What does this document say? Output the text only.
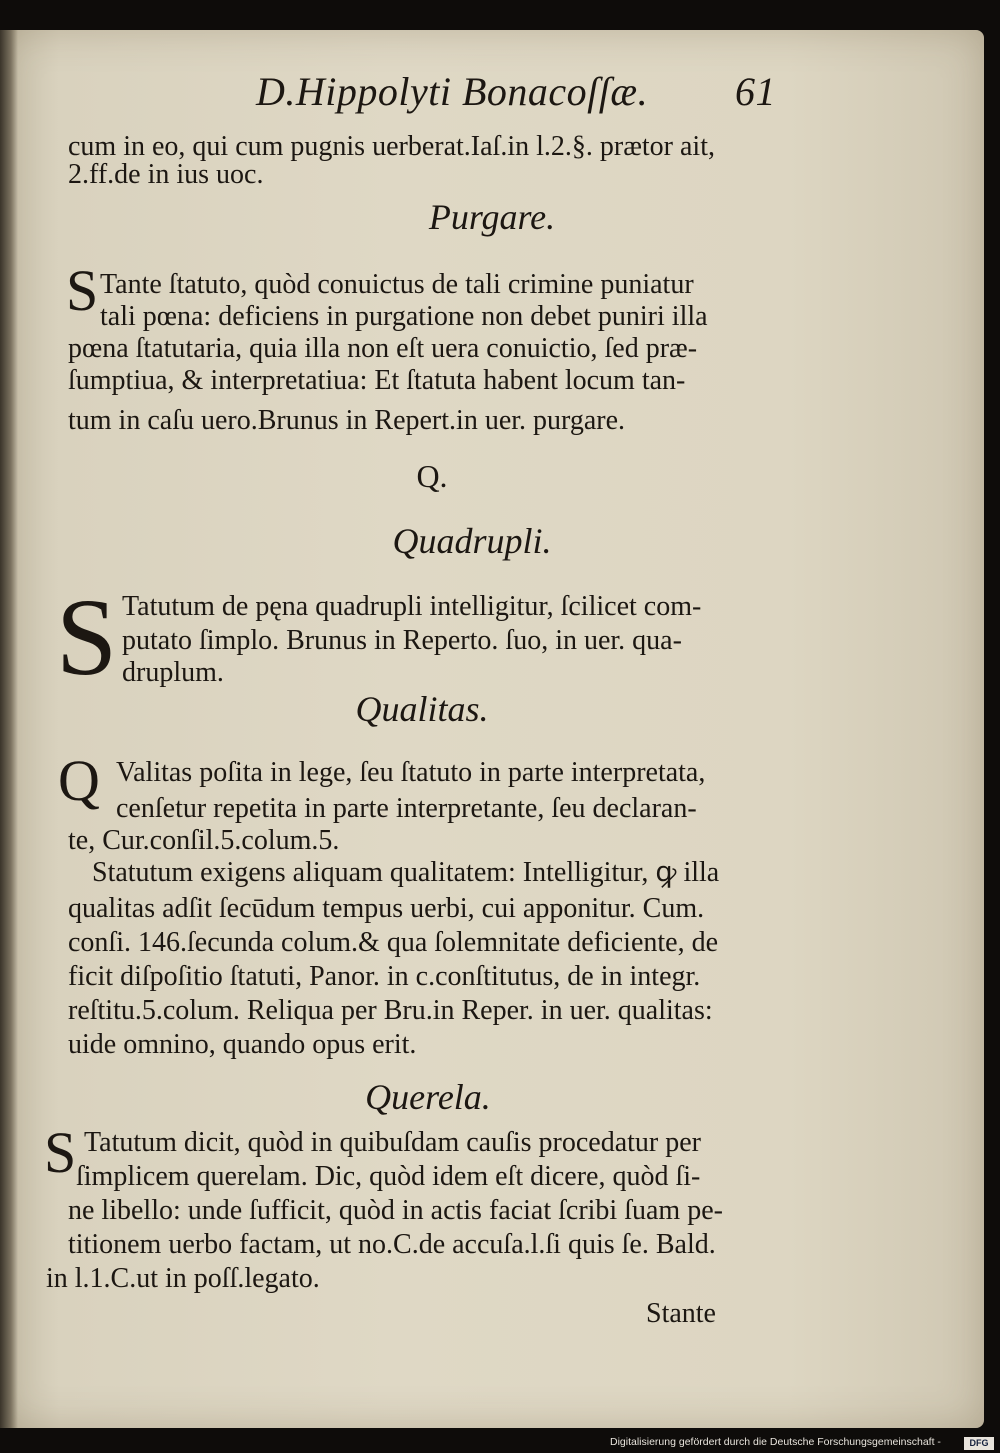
D.Hippolyti Bonacoſſæ. 61
cum in eo, qui cum pugnis uerberat.Iaſ.in l.2.§. prætor ait,
2.ff.de in ius uoc.
Purgare.
S Tante ſtatuto, quòd conuictus de tali crimine puniatur
tali pœna: deficiens in purgatione non debet puniri illa
pœna ſtatutaria, quia illa non eſt uera conuictio, ſed præ-
ſumptiua, & interpretatiua: Et ſtatuta habent locum tan-
tum in caſu uero.Brunus in Repert.in uer. purgare.
Q.
Quadrupli.
S Tatutum de pęna quadrupli intelligitur, ſcilicet com-
putato ſimplo. Brunus in Reperto. ſuo, in uer. qua-
druplum.
Qualitas.
Q Valitas poſita in lege, ſeu ſtatuto in parte interpretata,
cenſetur repetita in parte interpretante, ſeu declaran-
te, Cur.conſil.5.colum.5.
Statutum exigens aliquam qualitatem: Intelligitur, ꝙ illa
qualitas adſit ſecūdum tempus uerbi, cui apponitur. Cum.
conſi. 146.ſecunda colum.& qua ſolemnitate deficiente, de
ficit diſpoſitio ſtatuti, Panor. in c.conſtitutus, de in integr.
reſtitu.5.colum. Reliqua per Bru.in Reper. in uer. qualitas:
uide omnino, quando opus erit.
Querela.
S Tatutum dicit, quòd in quibuſdam cauſis procedatur per
ſimplicem querelam. Dic, quòd idem eſt dicere, quòd ſi-
ne libello: unde ſufficit, quòd in actis faciat ſcribi ſuam pe-
titionem uerbo factam, ut no.C.de accuſa.l.ſi quis ſe. Bald.
in l.1.C.ut in poſſ.legato.
Stante
Digitalisierung gefördert durch die Deutsche Forschungsgemeinschaft -	DFG
